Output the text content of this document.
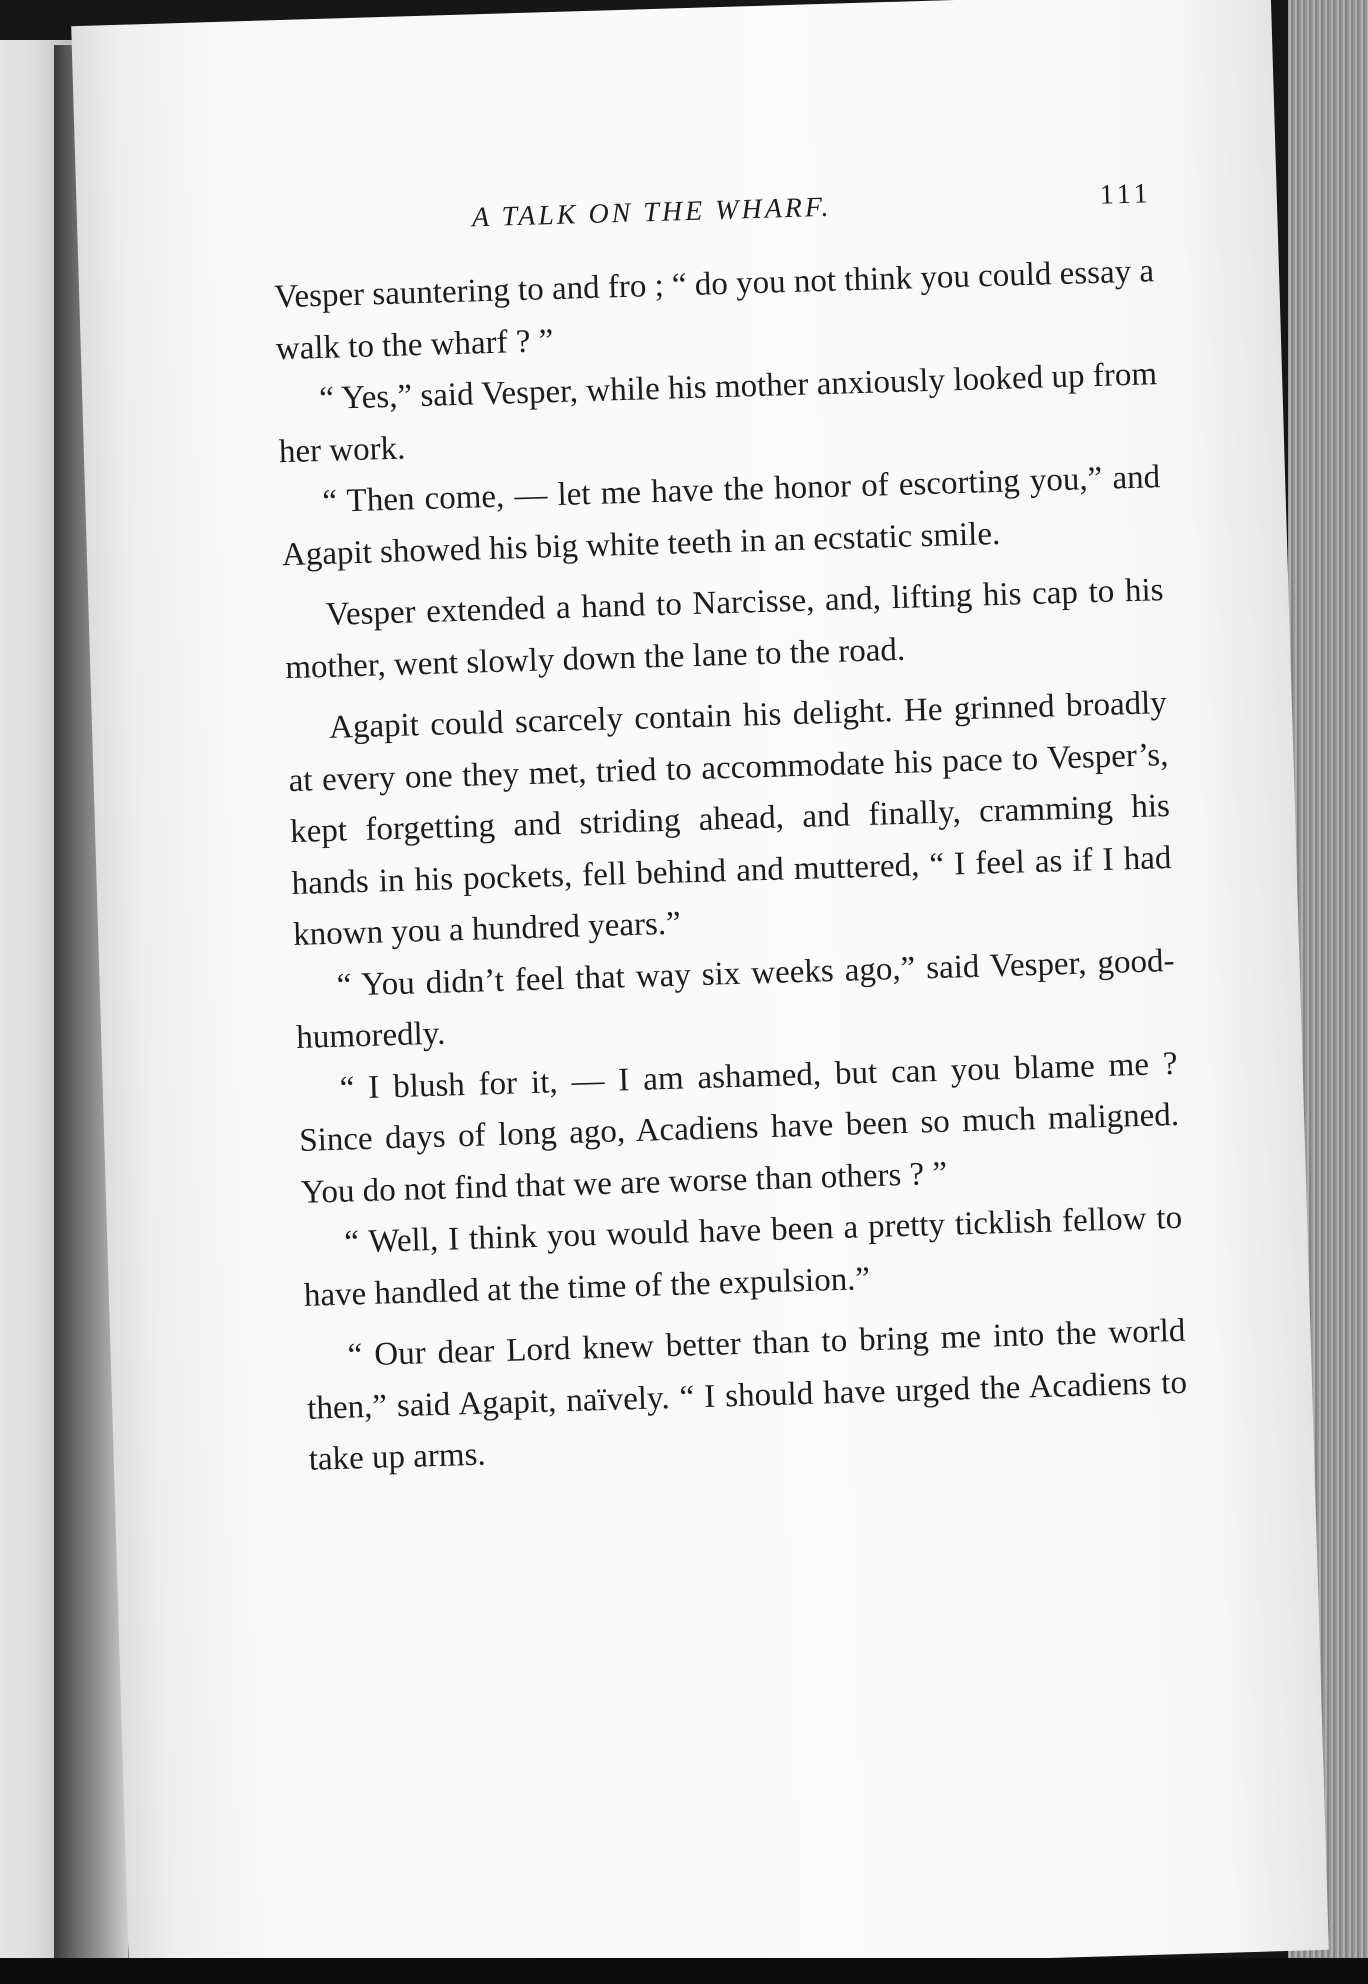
A TALK ON THE WHARF.	111

Vesper sauntering to and fro ; “ do you not think you could essay a walk to the wharf ? ”

“ Yes,” said Vesper, while his mother anxiously looked up from her work.

“ Then come, — let me have the honor of escorting you,” and Agapit showed his big white teeth in an ecstatic smile.

Vesper extended a hand to Narcisse, and, lifting his cap to his mother, went slowly down the lane to the road.

Agapit could scarcely contain his delight. He grinned broadly at every one they met, tried to accommodate his pace to Vesper’s, kept forgetting and striding ahead, and finally, cramming his hands in his pockets, fell behind and muttered, “ I feel as if I had known you a hundred years.”

“ You didn’t feel that way six weeks ago,” said Vesper, good-humoredly.

“ I blush for it, — I am ashamed, but can you blame me ? Since days of long ago, Acadiens have been so much maligned. You do not find that we are worse than others ? ”

“ Well, I think you would have been a pretty ticklish fellow to have handled at the time of the expulsion.”

“ Our dear Lord knew better than to bring me into the world then,” said Agapit, naïvely. “ I should have urged the Acadiens to take up arms.
